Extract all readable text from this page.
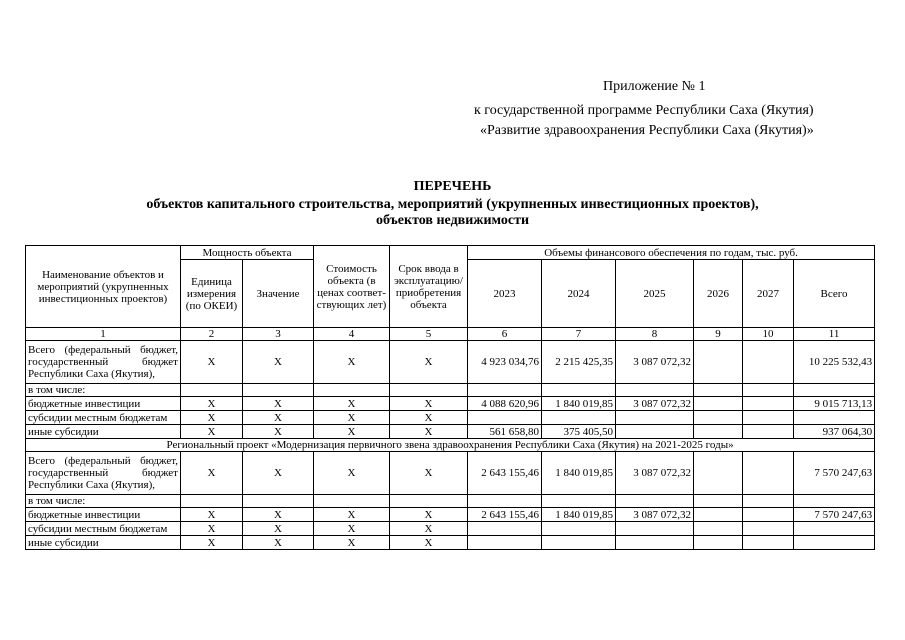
Приложение № 1
к государственной программе Республики Саха (Якутия)
«Развитие здравоохранения Республики Саха (Якутия)»
ПЕРЕЧЕНЬ
объектов капитального строительства, мероприятий (укрупненных инвестиционных проектов),
объектов недвижимости
Наименование объектов и мероприятий (укрупненных инвестиционных проектов)	Мощность объекта		Стоимость объекта (в ценах соответ-ствующих лет)	Срок ввода в эксплуатацию/ приобретения объекта	Объемы финансового обеспечения по годам, тыс. руб.					
	Единица измерения (по ОКЕИ)	Значение			2023	2024	2025	2026	2027	Всего
1	2	3	4	5	6	7	8	9	10	11
Всего (федеральный бюджет, государственный бюджет Республики Саха (Якутия),	X	X	X	X	4 923 034,76	2 215 425,35	3 087 072,32			10 225 532,43
в том числе:										
бюджетные инвестиции	X	X	X	X	4 088 620,96	1 840 019,85	3 087 072,32			9 015 713,13
субсидии местным бюджетам	X	X	X	X						
иные субсидии	X	X	X	X	561 658,80	375 405,50				937 064,30
Региональный проект «Модернизация первичного звена здравоохранения Республики Саха (Якутия) на 2021-2025 годы»										
Всего (федеральный бюджет, государственный бюджет Республики Саха (Якутия),	X	X	X	X	2 643 155,46	1 840 019,85	3 087 072,32			7 570 247,63
в том числе:										
бюджетные инвестиции	X	X	X	X	2 643 155,46	1 840 019,85	3 087 072,32			7 570 247,63
субсидии местным бюджетам	X	X	X	X						
иные субсидии	X	X	X	X						
